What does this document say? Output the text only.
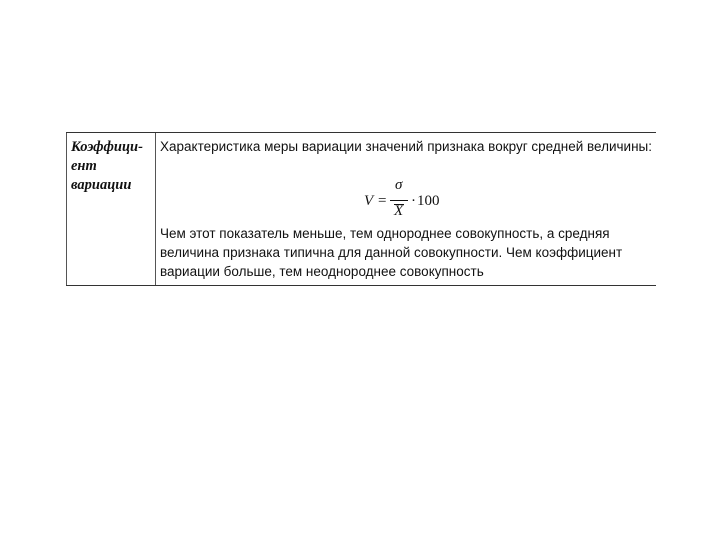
Коэффици-
ент
вариации
Характеристика меры вариации значений признака вокруг средней величины:
V =
σ
X
· 100
Чем этот показатель меньше, тем однороднее совокупность, а средняя величина признака типична для данной совокупности. Чем коэффициент вариации больше, тем неоднороднее совокупность
